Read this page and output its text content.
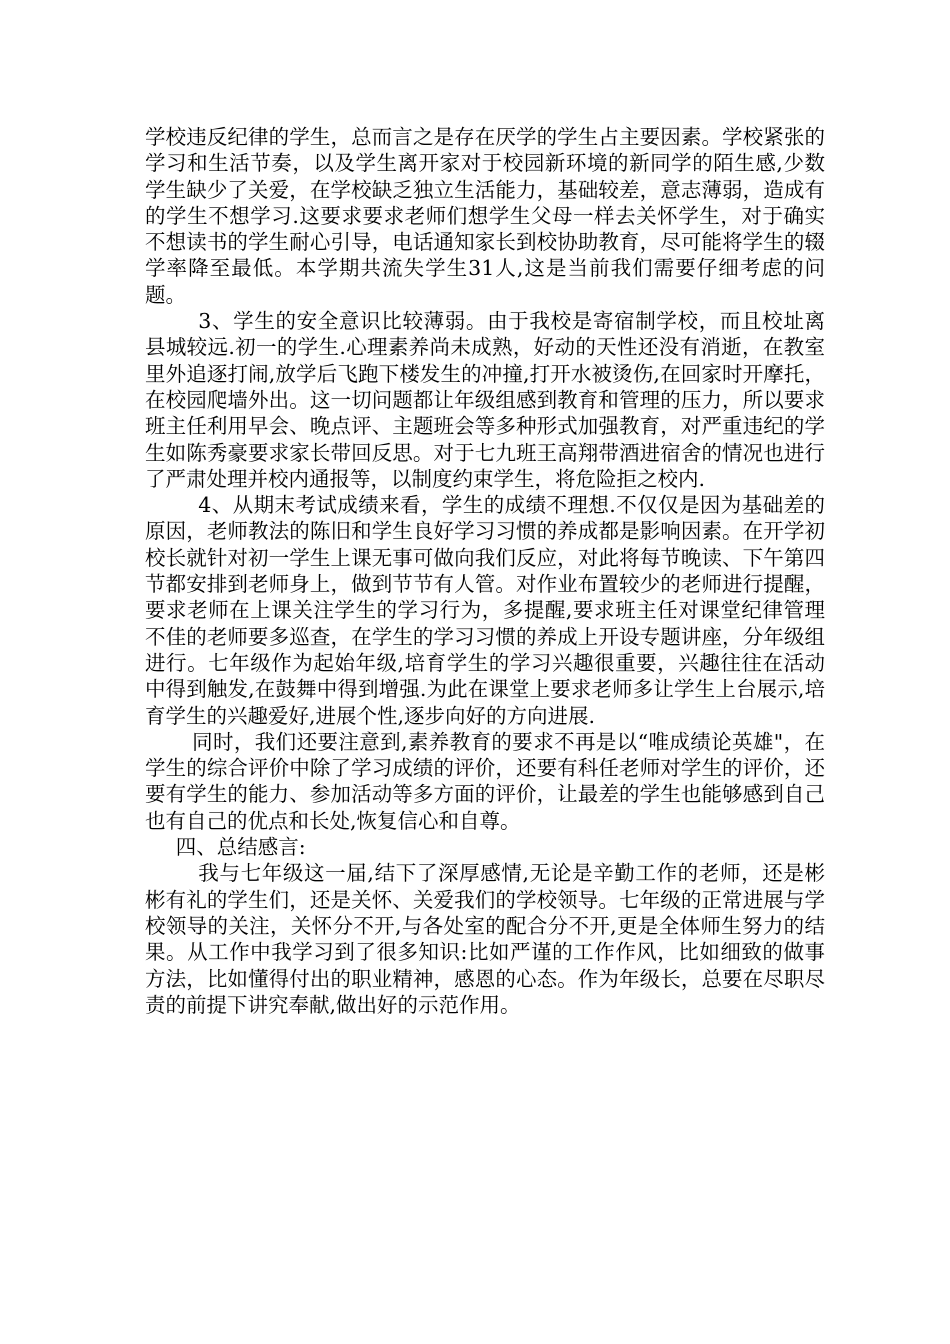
学校违反纪律的学生，总而言之是存在厌学的学生占主要因素。学校紧张的学习和生活节奏，以及学生离开家对于校园新环境的新同学的陌生感,少数学生缺少了关爱，在学校缺乏独立生活能力，基础较差，意志薄弱，造成有的学生不想学习.这要求要求老师们想学生父母一样去关怀学生，对于确实不想读书的学生耐心引导，电话通知家长到校协助教育，尽可能将学生的辍学率降至最低。本学期共流失学生31人,这是当前我们需要仔细考虑的问题。

3、学生的安全意识比较薄弱。由于我校是寄宿制学校，而且校址离县城较远.初一的学生.心理素养尚未成熟，好动的天性还没有消逝，在教室里外追逐打闹,放学后飞跑下楼发生的冲撞,打开水被烫伤,在回家时开摩托，在校园爬墙外出。这一切问题都让年级组感到教育和管理的压力，所以要求班主任利用早会、晚点评、主题班会等多种形式加强教育，对严重违纪的学生如陈秀豪要求家长带回反思。对于七九班王高翔带酒进宿舍的情况也进行了严肃处理并校内通报等，以制度约束学生，将危险拒之校内.

4、从期末考试成绩来看，学生的成绩不理想.不仅仅是因为基础差的原因，老师教法的陈旧和学生良好学习习惯的养成都是影响因素。在开学初校长就针对初一学生上课无事可做向我们反应，对此将每节晚读、下午第四节都安排到老师身上，做到节节有人管。对作业布置较少的老师进行提醒，要求老师在上课关注学生的学习行为，多提醒,要求班主任对课堂纪律管理不佳的老师要多巡查，在学生的学习习惯的养成上开设专题讲座，分年级组进行。七年级作为起始年级,培育学生的学习兴趣很重要，兴趣往往在活动中得到触发,在鼓舞中得到增强.为此在课堂上要求老师多让学生上台展示,培育学生的兴趣爱好,进展个性,逐步向好的方向进展.

同时，我们还要注意到,素养教育的要求不再是以“唯成绩论英雄"，在学生的综合评价中除了学习成绩的评价，还要有科任老师对学生的评价，还要有学生的能力、参加活动等多方面的评价，让最差的学生也能够感到自己也有自己的优点和长处,恢复信心和自尊。

四、总结感言:

我与七年级这一届,结下了深厚感情,无论是辛勤工作的老师，还是彬彬有礼的学生们，还是关怀、关爱我们的学校领导。七年级的正常进展与学校领导的关注，关怀分不开,与各处室的配合分不开,更是全体师生努力的结果。从工作中我学习到了很多知识:比如严谨的工作作风，比如细致的做事方法，比如懂得付出的职业精神，感恩的心态。作为年级长，总要在尽职尽责的前提下讲究奉献,做出好的示范作用。
